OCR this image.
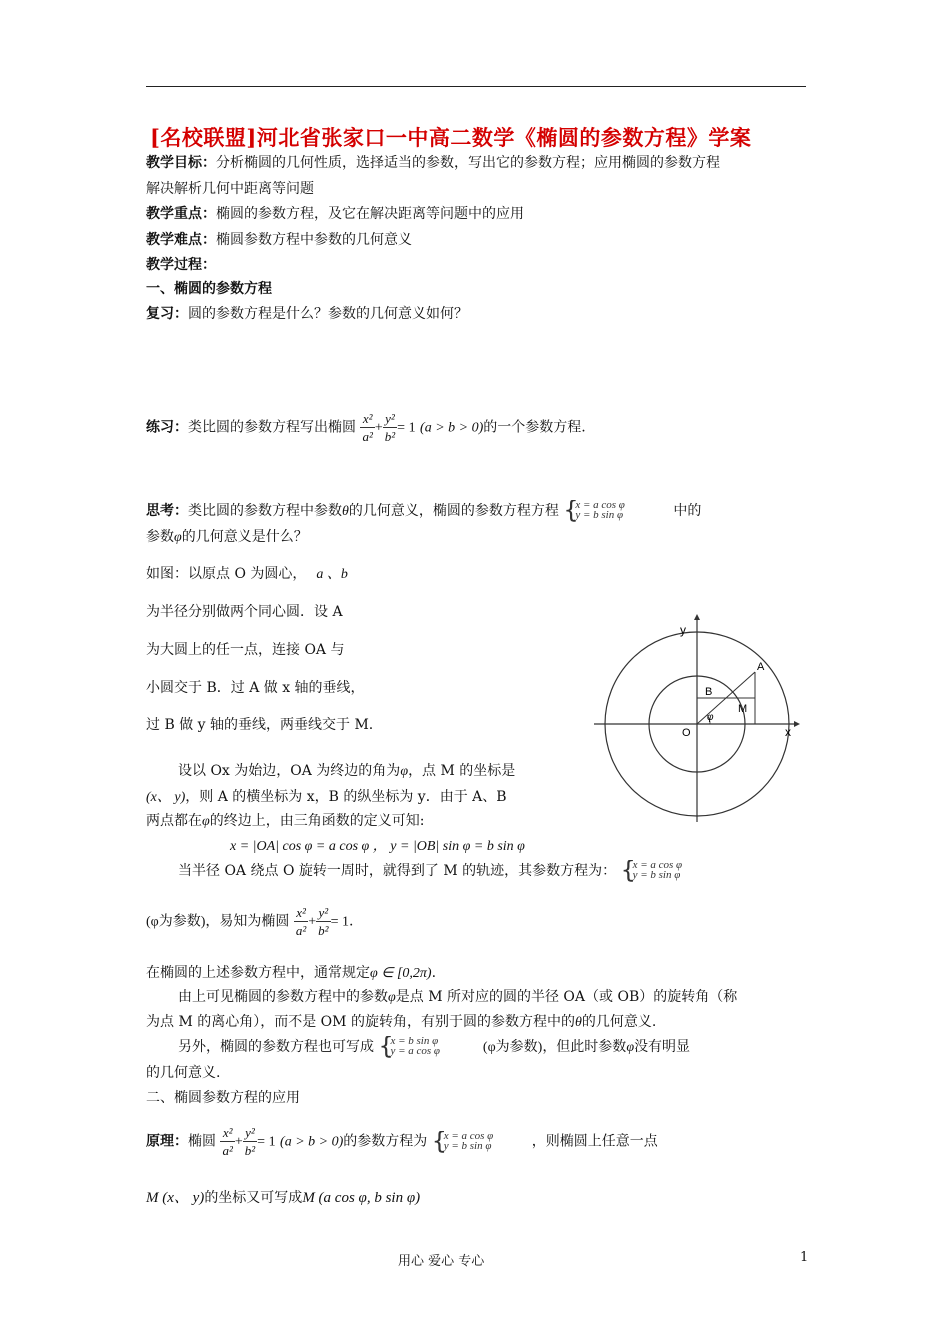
[名校联盟]河北省张家口一中高二数学《椭圆的参数方程》学案
教学目标：分析椭圆的几何性质，选择适当的参数，写出它的参数方程；应用椭圆的参数方程
解决解析几何中距离等问题
教学重点：椭圆的参数方程，及它在解决距离等问题中的应用
教学难点：椭圆参数方程中参数的几何意义
教学过程：
一、椭圆的参数方程
复习：圆的参数方程是什么？参数的几何意义如何？
练习：类比圆的参数方程写出椭圆 $\frac{\text{x²}}{\text{a²}} + \frac{\text{y²}}{\text{b²}} = 1$ (a > b > 0)的一个参数方程.
思考：类比圆的参数方程中参数θ的几何意义，椭圆的参数方程方程 {
x = a cos φ
y = b sin φ	中的
参数φ的几何意义是什么？
如图：以原点 O 为圆心， a 、b
为半径分别做两个同心圆．设 A
为大圆上的任一点，连接 OA 与
小圆交于 B．过 A 做 x 轴的垂线，
过 B 做 y 轴的垂线，两垂线交于 M.
y
x
A
B
M
O
φ
设以 Ox 为始边，OA 为终边的角为φ，点 M 的坐标是
(x、 y)，则 A 的横坐标为 x，B 的纵坐标为 y．由于 A、B
两点都在φ的终边上，由三角函数的定义可知:
x = |OA| cos φ = a cos φ ， y = |OB| sin φ = b sin φ
当半径 OA 绕点 O 旋转一周时，就得到了 M 的轨迹，其参数方程为： {
x = a cos φ
y = b sin φ
(φ为参数)，易知为椭圆 $\frac{\text{x²}}{\text{a²}} + \frac{\text{y²}}{\text{b²}} = 1$.
在椭圆的上述参数方程中，通常规定φ ∈ [0,2π).
由上可见椭圆的参数方程中的参数φ是点 M 所对应的圆的半径 OA（或 OB）的旋转角（称
为点 M 的离心角），而不是 OM 的旋转角，有别于圆的参数方程中的θ的几何意义.
另外，椭圆的参数方程也可写成 {
x = b sin φ
y = a cos φ	(φ为参数)，但此时参数φ没有明显
的几何意义.
二、椭圆参数方程的应用
原理：椭圆 $\frac{\text{x²}}{\text{a²}} + \frac{\text{y²}}{\text{b²}} = 1$ (a > b > 0)的参数方程为 {
x = a cos φ
y = b sin φ	，则椭圆上任意一点
M (x、 y)的坐标又可写成M (a cos φ, b sin φ)
用心 爱心 专心	1
